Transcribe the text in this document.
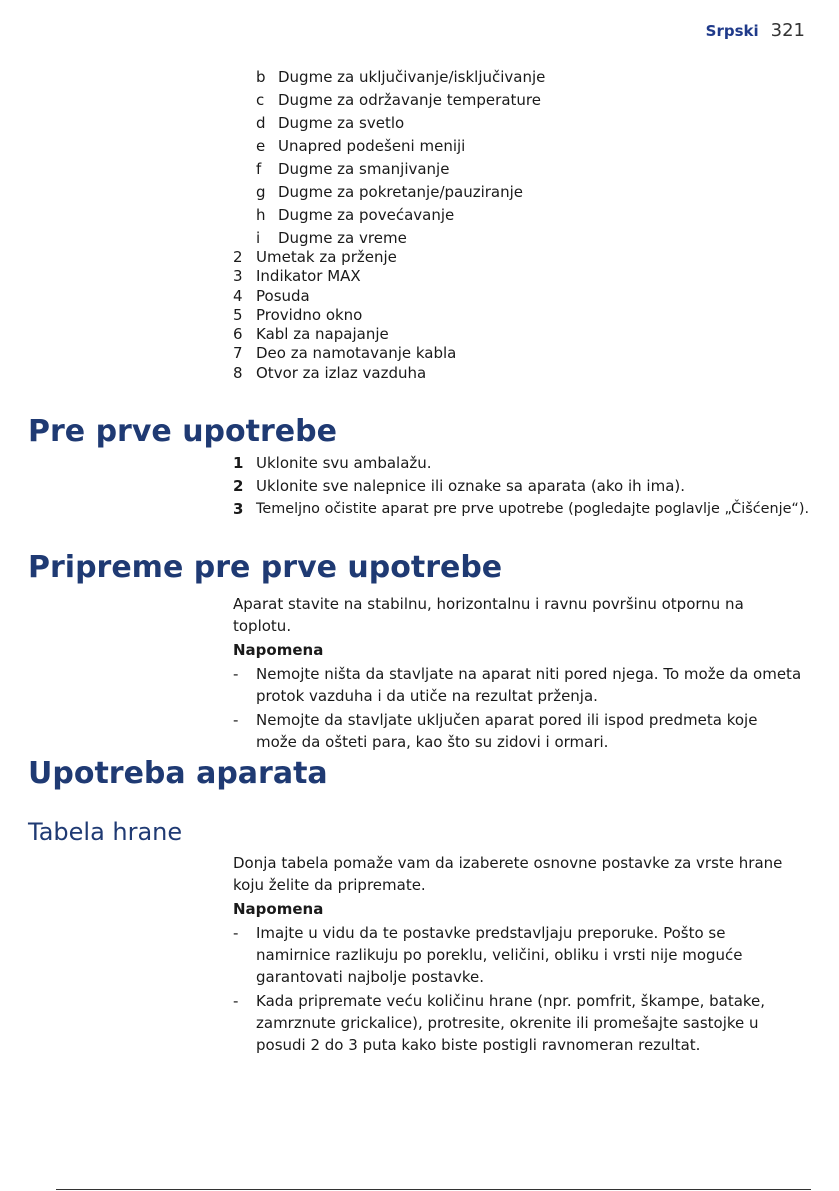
Srpski 321
b Dugme za uključivanje/isključivanje
c Dugme za održavanje temperature
d Dugme za svetlo
e Unapred podešeni meniji
f	Dugme za smanjivanje
g Dugme za pokretanje/pauziranje
h Dugme za povećavanje
i	Dugme za vreme
2 Umetak za prženje
3 Indikator MAX
4 Posuda
5 Providno okno
6 Kabl za napajanje
7 Deo za namotavanje kabla
8 Otvor za izlaz vazduha
Pre prve upotrebe
1 Uklonite svu ambalažu.
2 Uklonite sve nalepnice ili oznake sa aparata (ako ih ima).
3 Temeljno očistite aparat pre prve upotrebe (pogledajte poglavlje „Čišćenje“).
Pripreme pre prve upotrebe
Aparat stavite na stabilnu, horizontalnu i ravnu površinu otpornu na toplotu.
Napomena
-	Nemojte ništa da stavljate na aparat niti pored njega. To može da ometa protok vazduha i da utiče na rezultat prženja.
-	Nemojte da stavljate uključen aparat pored ili ispod predmeta koje može da ošteti para, kao što su zidovi i ormari.
Upotreba aparata
Tabela hrane
Donja tabela pomaže vam da izaberete osnovne postavke za vrste hrane koju želite da pripremate.
Napomena
-	Imajte u vidu da te postavke predstavljaju preporuke. Pošto se namirnice razlikuju po poreklu, veličini, obliku i vrsti nije moguće garantovati najbolje postavke.
-	Kada pripremate veću količinu hrane (npr. pomfrit, škampe, batake, zamrznute grickalice), protresite, okrenite ili promešajte sastojke u posudi 2 do 3 puta kako biste postigli ravnomeran rezultat.
